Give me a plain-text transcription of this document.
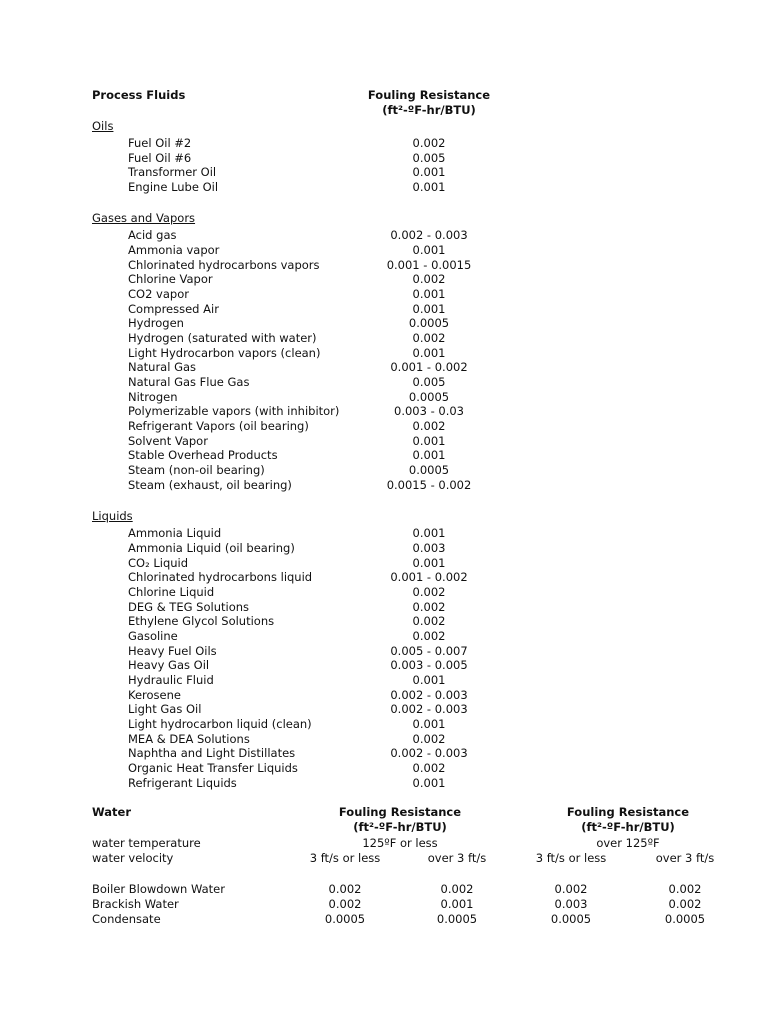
Process Fluids	Fouling Resistance
(ft²-ºF-hr/BTU)
Oils
Fuel Oil #2	0.002
Fuel Oil #6	0.005
Transformer Oil	0.001
Engine Lube Oil	0.001
Gases and Vapors
Acid gas	0.002 - 0.003
Ammonia vapor	0.001
Chlorinated hydrocarbons vapors	0.001 - 0.0015
Chlorine Vapor	0.002
CO2 vapor	0.001
Compressed Air	0.001
Hydrogen	0.0005
Hydrogen (saturated with water)	0.002
Light Hydrocarbon vapors (clean)	0.001
Natural Gas	0.001 - 0.002
Natural Gas Flue Gas	0.005
Nitrogen	0.0005
Polymerizable vapors (with inhibitor)	0.003 - 0.03
Refrigerant Vapors (oil bearing)	0.002
Solvent Vapor	0.001
Stable Overhead Products	0.001
Steam (non-oil bearing)	0.0005
Steam (exhaust, oil bearing)	0.0015 - 0.002
Liquids
Ammonia Liquid	0.001
Ammonia Liquid (oil bearing)	0.003
CO₂ Liquid	0.001
Chlorinated hydrocarbons liquid	0.001 - 0.002
Chlorine Liquid	0.002
DEG & TEG Solutions	0.002
Ethylene Glycol Solutions	0.002
Gasoline	0.002
Heavy Fuel Oils	0.005 - 0.007
Heavy Gas Oil	0.003 - 0.005
Hydraulic Fluid	0.001
Kerosene	0.002 - 0.003
Light Gas Oil	0.002 - 0.003
Light hydrocarbon liquid (clean)	0.001
MEA & DEA Solutions	0.002
Naphtha and Light Distillates	0.002 - 0.003
Organic Heat Transfer Liquids	0.002
Refrigerant Liquids	0.001
Water	Fouling Resistance
(ft²-ºF-hr/BTU)
Fouling Resistance
(ft²-ºF-hr/BTU)
water temperature	125ºF or less	over 125ºF
water velocity	3 ft/s or less	over 3 ft/s	3 ft/s or less	over 3 ft/s
Boiler Blowdown Water	0.002	0.002	0.002	0.002
Brackish Water	0.002	0.001	0.003	0.002
Condensate	0.0005	0.0005	0.0005	0.0005
